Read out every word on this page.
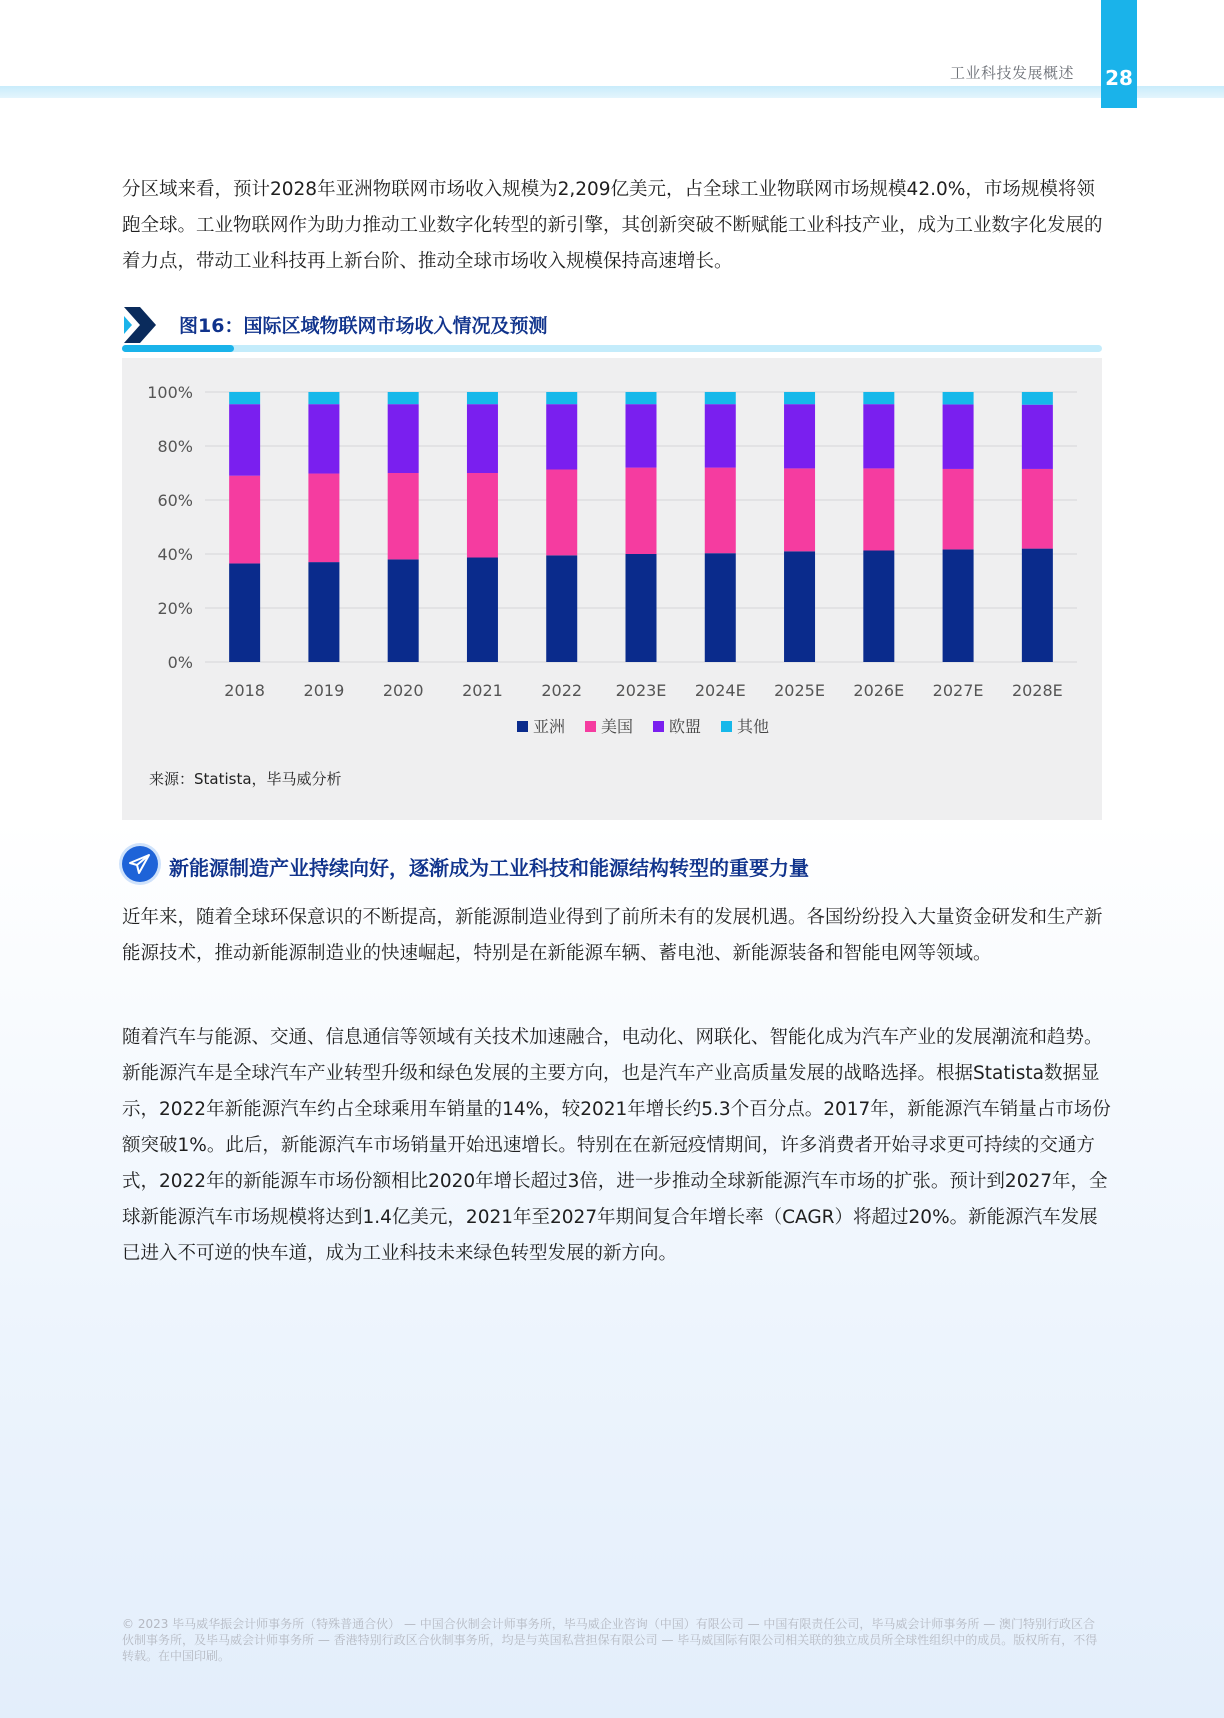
工业科技发展概述 28

分区域来看，预计2028年亚洲物联网市场收入规模为2,209亿美元，占全球工业物联网市场规模42.0%，市场规模将领跑全球。工业物联网作为助力推动工业数字化转型的新引擎，其创新突破不断赋能工业科技产业，成为工业数字化发展的着力点，带动工业科技再上新台阶、推动全球市场收入规模保持高速增长。

图16：国际区域物联网市场收入情况及预测
0%
20%
40%
60%
80%
100%
2018 2019 2020 2021 2022 2023E 2024E 2025E 2026E 2027E 2028E
亚洲 美国 欧盟 其他
来源：Statista，毕马威分析
新能源制造产业持续向好，逐渐成为工业科技和能源结构转型的重要力量

近年来，随着全球环保意识的不断提高，新能源制造业得到了前所未有的发展机遇。各国纷纷投入大量资金研发和生产新能源技术，推动新能源制造业的快速崛起，特别是在新能源车辆、蓄电池、新能源装备和智能电网等领域。

随着汽车与能源、交通、信息通信等领域有关技术加速融合，电动化、网联化、智能化成为汽车产业的发展潮流和趋势。新能源汽车是全球汽车产业转型升级和绿色发展的主要方向，也是汽车产业高质量发展的战略选择。根据Statista数据显示，2022年新能源汽车约占全球乘用车销量的14%，较2021年增长约5.3个百分点。2017年，新能源汽车销量占市场份额突破1%。此后，新能源汽车市场销量开始迅速增长。特别在在新冠疫情期间，许多消费者开始寻求更可持续的交通方式，2022年的新能源车市场份额相比2020年增长超过3倍，进一步推动全球新能源汽车市场的扩张。预计到2027年，全球新能源汽车市场规模将达到1.4亿美元，2021年至2027年期间复合年增长率（CAGR）将超过20%。新能源汽车发展已进入不可逆的快车道，成为工业科技未来绿色转型发展的新方向。

© 2023 毕马威华振会计师事务所（特殊普通合伙） — 中国合伙制会计师事务所，毕马威企业咨询（中国）有限公司 — 中国有限责任公司，毕马威会计师事务所 — 澳门特别行政区合伙制事务所，及毕马威会计师事务所 — 香港特别行政区合伙制事务所，均是与英国私营担保有限公司 — 毕马威国际有限公司相关联的独立成员所全球性组织中的成员。版权所有，不得转载。在中国印刷。
